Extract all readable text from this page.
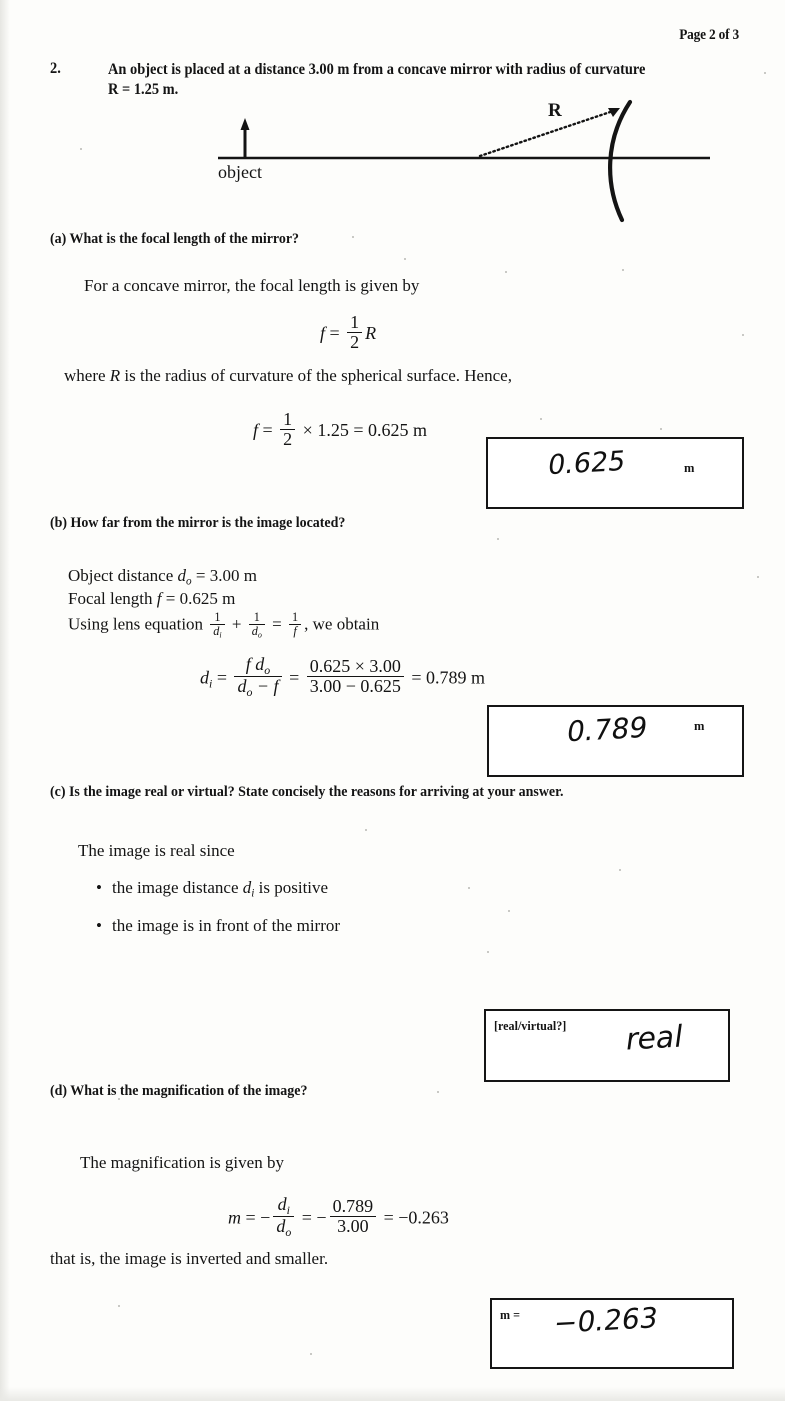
Page 2 of 3
2.	An object is placed at a distance 3.00 m from a concave mirror with radius of curvature
R = 1.25 m.
R
object
(a) What is the focal length of the mirror?
For a concave mirror, the focal length is given by
$f = \frac{1}{2}$ R
where R is the radius of curvature of the spherical surface. Hence,
$f = \frac{1}{2} \times 1.25 = 0.625$ m
0.625	m
(b) How far from the mirror is the image located?
Object distance $d_o = 3.00$ m
Focal length f = 0.625 m
Using lens equation $\frac{1}{d_i} + \frac{1}{d_o} = \frac{1}{f}$ , we obtain
$d_i = \frac{f d_o}{d_o - f} = \frac{0.625 \times 3.00}{3.00 - 0.625} = 0.789$ m
0.789	m
(c) Is the image real or virtual? State concisely the reasons for arriving at your answer.
The image is real since
• the image distance $d_i$ is positive
• the image is in front of the mirror
[real/virtual?] real
(d) What is the magnification of the image?
The magnification is given by
m = − $\frac{d_i}{d_o}$ = − $\frac{0.789}{3.00} = -0.263$
that is, the image is inverted and smaller.
m = −0.263
